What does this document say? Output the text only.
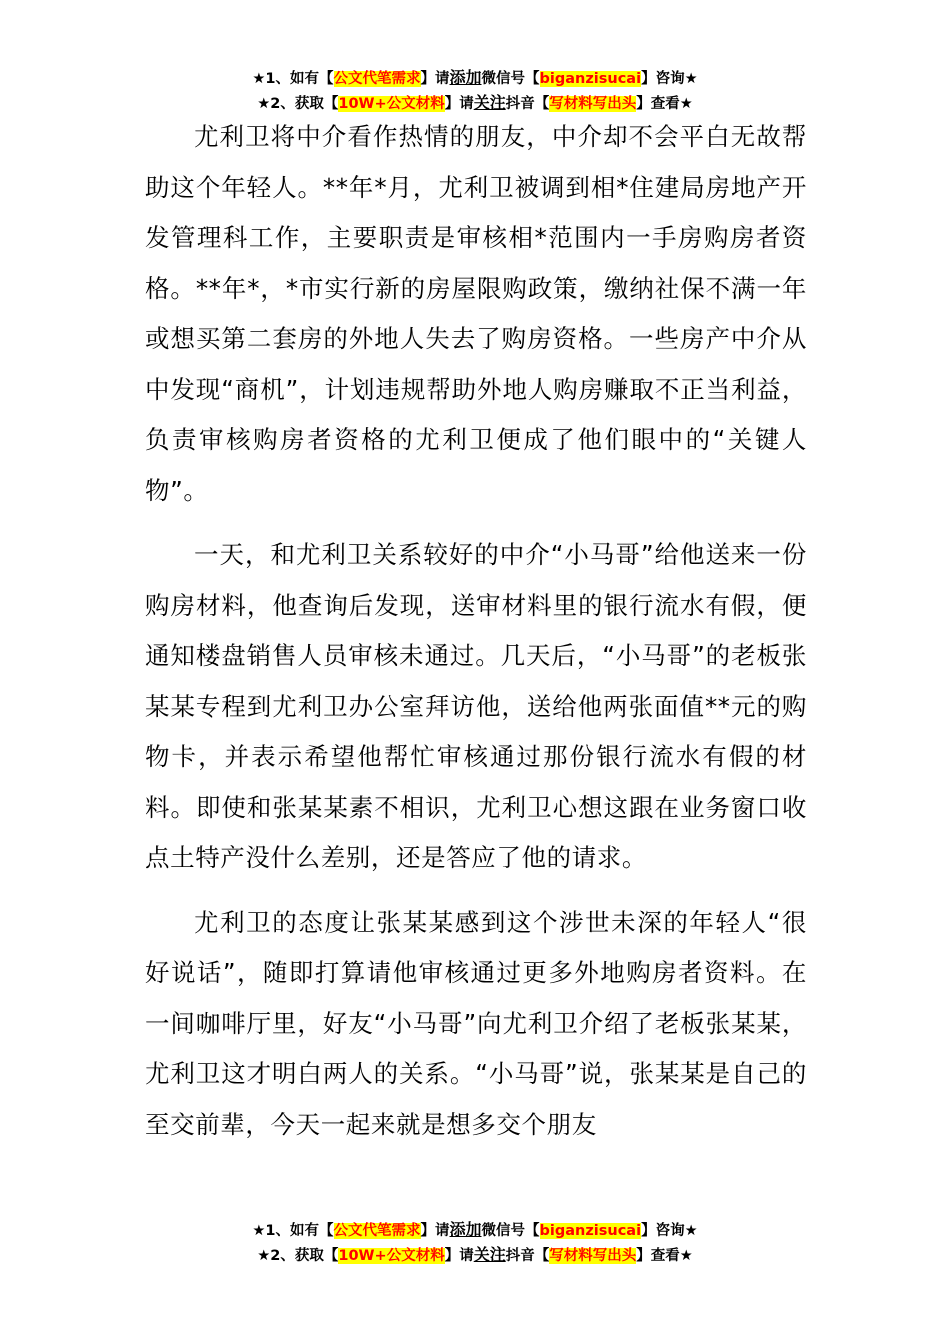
★1、如有【公文代笔需求】请添加微信号【biganzisucai】咨询★
★2、获取【10W+公文材料】请关注抖音【写材料写出头】查看★

尤利卫将中介看作热情的朋友，中介却不会平白无故帮助这个年轻人。**年*月，尤利卫被调到相*住建局房地产开发管理科工作，主要职责是审核相*范围内一手房购房者资格。**年*，*市实行新的房屋限购政策，缴纳社保不满一年或想买第二套房的外地人失去了购房资格。一些房产中介从中发现“商机”，计划违规帮助外地人购房赚取不正当利益，负责审核购房者资格的尤利卫便成了他们眼中的“关键人物”。

一天，和尤利卫关系较好的中介“小马哥”给他送来一份购房材料，他查询后发现，送审材料里的银行流水有假，便通知楼盘销售人员审核未通过。几天后，“小马哥”的老板张某某专程到尤利卫办公室拜访他，送给他两张面值**元的购物卡，并表示希望他帮忙审核通过那份银行流水有假的材料。即使和张某某素不相识，尤利卫心想这跟在业务窗口收点土特产没什么差别，还是答应了他的请求。

尤利卫的态度让张某某感到这个涉世未深的年轻人“很好说话”，随即打算请他审核通过更多外地购房者资料。在一间咖啡厅里，好友“小马哥”向尤利卫介绍了老板张某某，尤利卫这才明白两人的关系。“小马哥”说，张某某是自己的至交前辈，今天一起来就是想多交个朋友

★1、如有【公文代笔需求】请添加微信号【biganzisucai】咨询★
★2、获取【10W+公文材料】请关注抖音【写材料写出头】查看★
